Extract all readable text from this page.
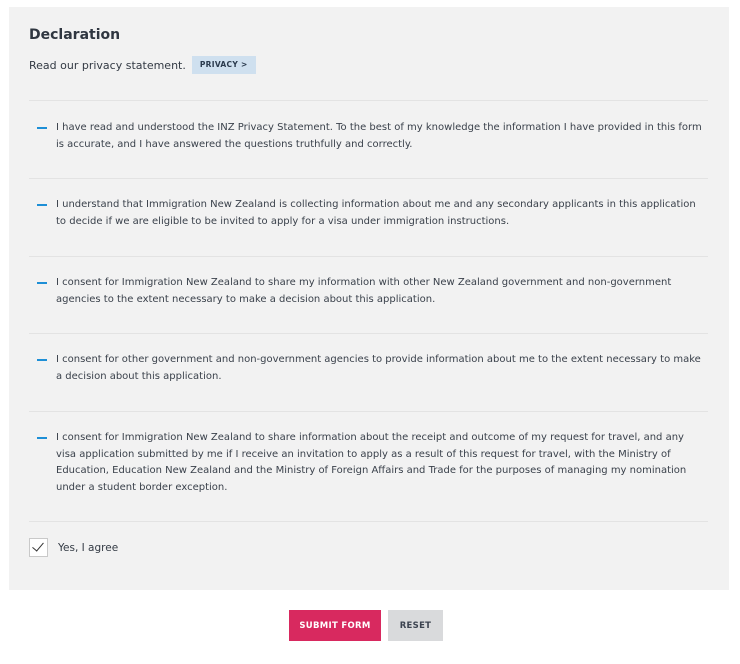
Declaration
Read our privacy statement.	PRIVACY >
I have read and understood the INZ Privacy Statement. To the best of my knowledge the information I have provided in this form is accurate, and I have answered the questions truthfully and correctly.
I understand that Immigration New Zealand is collecting information about me and any secondary applicants in this application to decide if we are eligible to be invited to apply for a visa under immigration instructions.
I consent for Immigration New Zealand to share my information with other New Zealand government and non-government agencies to the extent necessary to make a decision about this application.
I consent for other government and non-government agencies to provide information about me to the extent necessary to make a decision about this application.
I consent for Immigration New Zealand to share information about the receipt and outcome of my request for travel, and any visa application submitted by me if I receive an invitation to apply as a result of this request for travel, with the Ministry of Education, Education New Zealand and the Ministry of Foreign Affairs and Trade for the purposes of managing my nomination under a student border exception.
Yes, I agree
SUBMIT FORM	RESET
